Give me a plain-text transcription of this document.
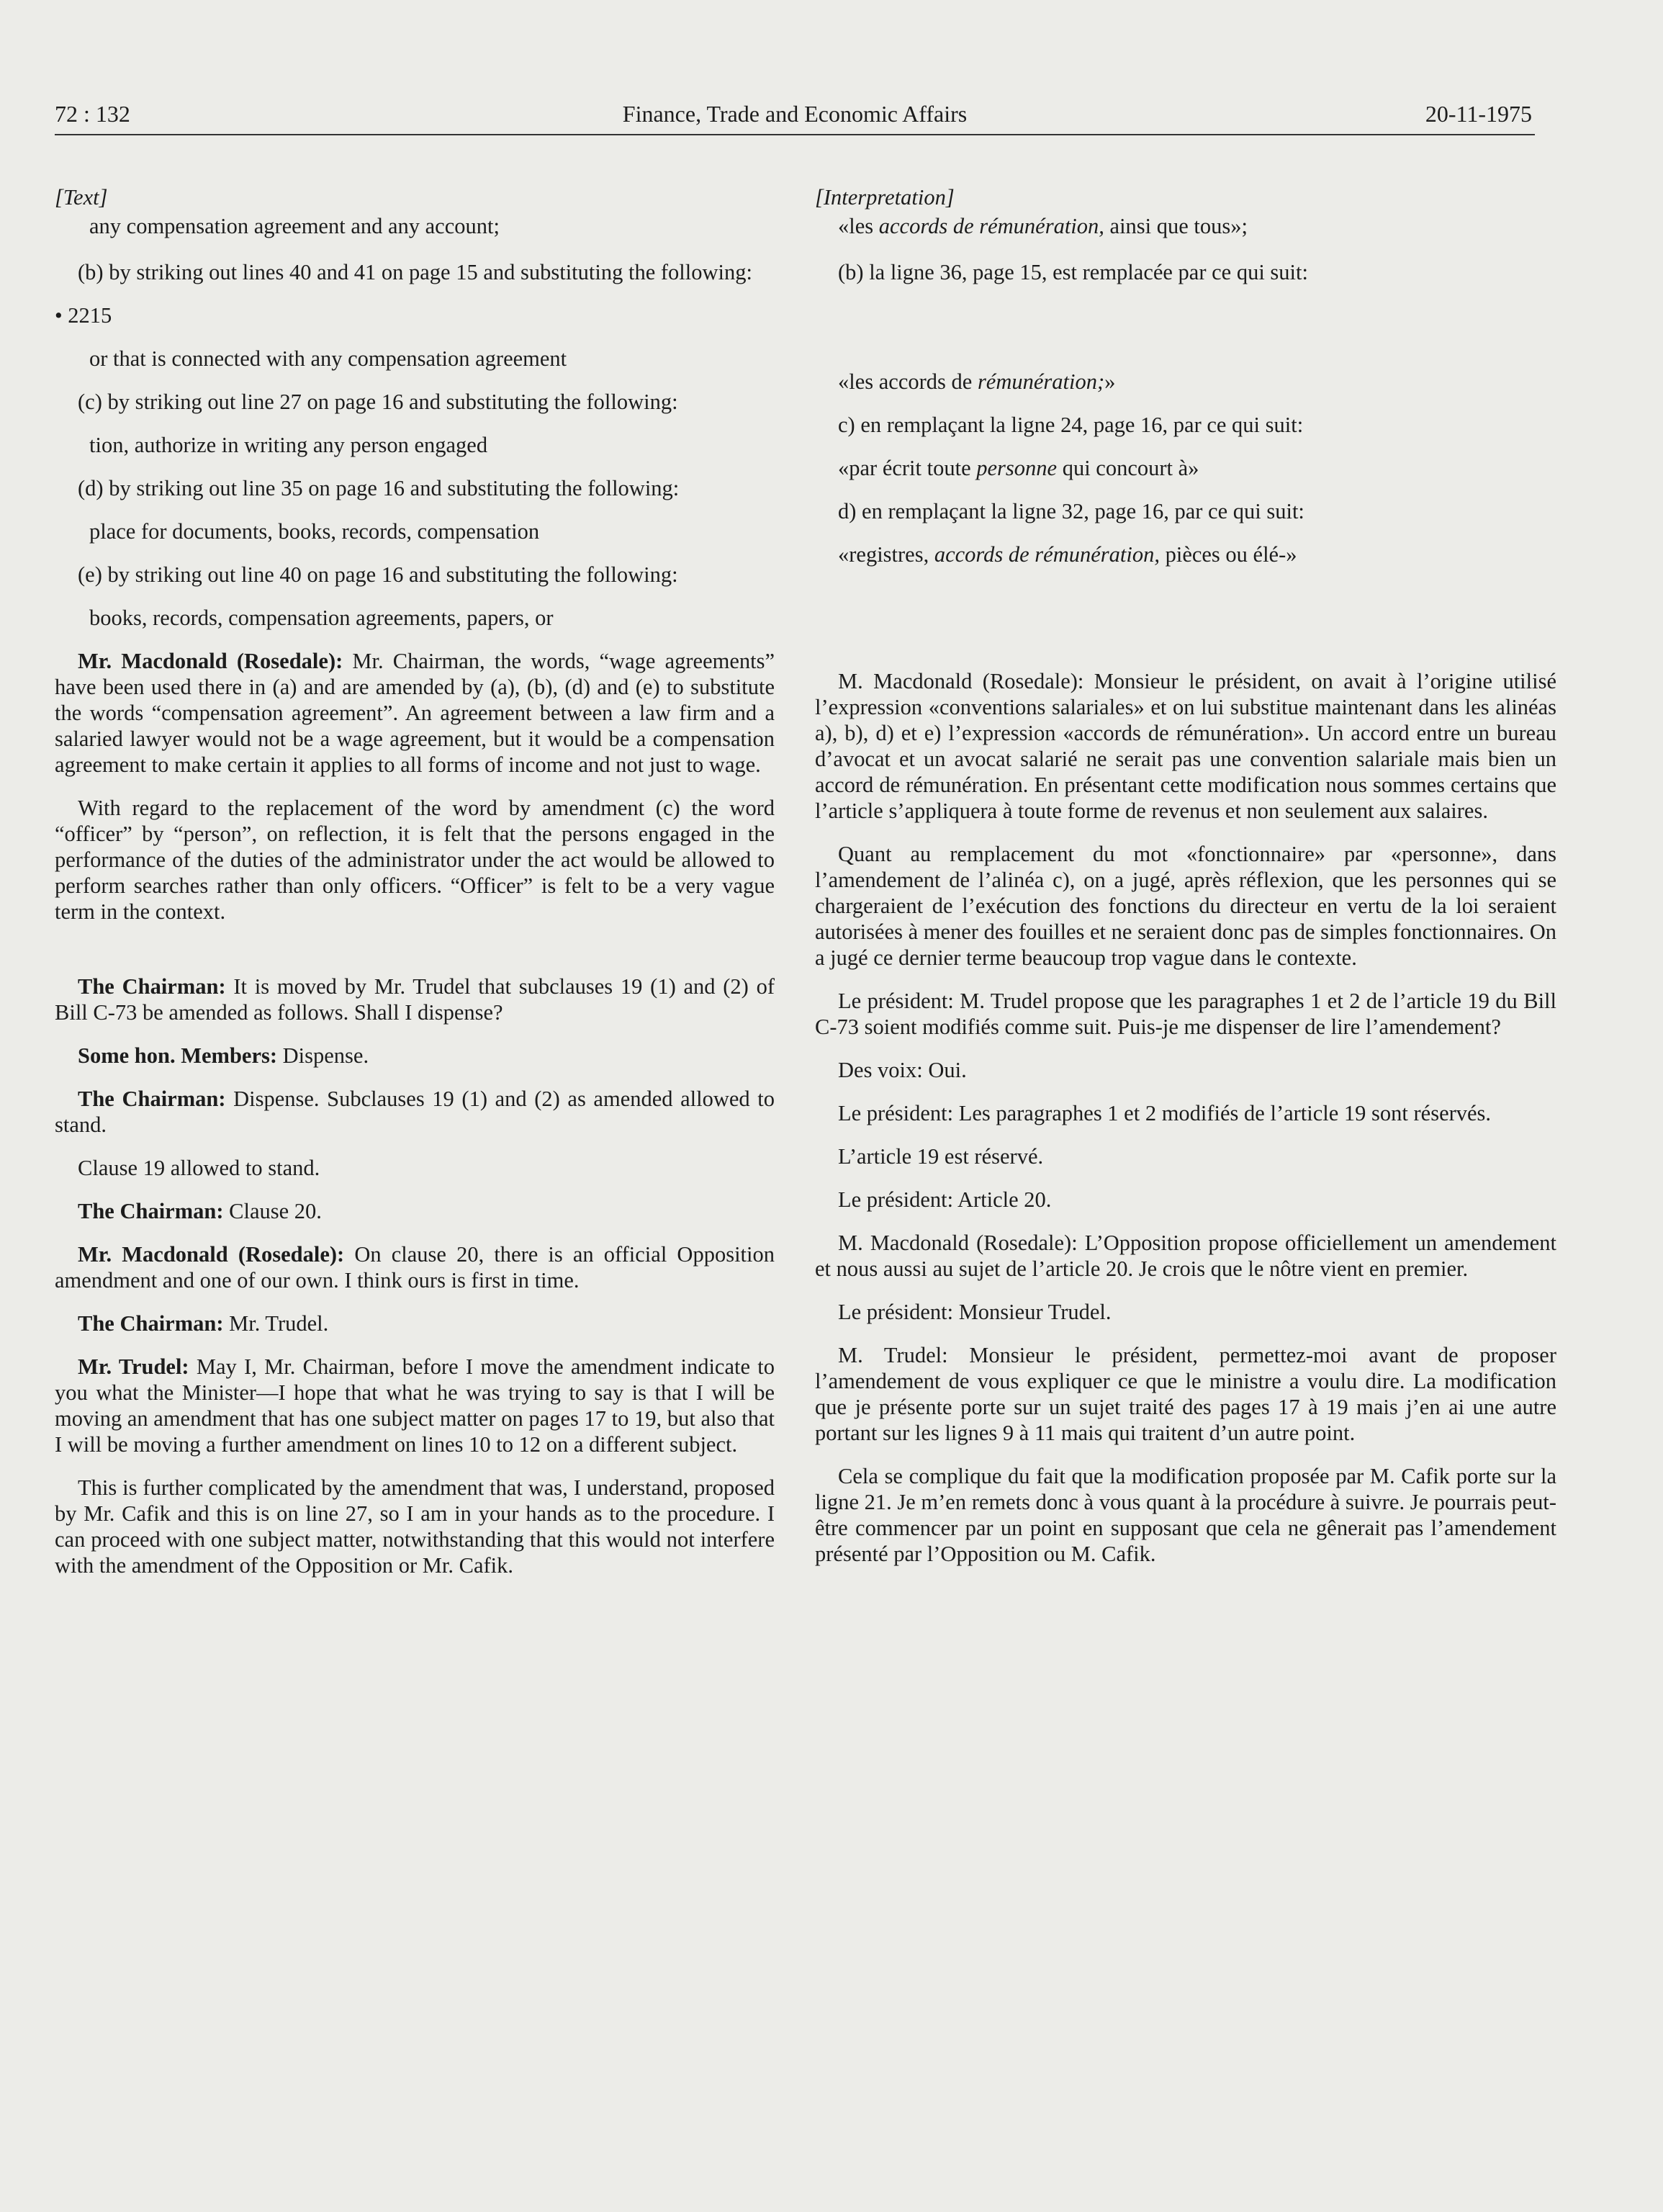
72 : 132	Finance, Trade and Economic Affairs	20-11-1975

[Text]

any compensation agreement and any account;

(b) by striking out lines 40 and 41 on page 15 and substituting the following:

• 2215

or that is connected with any compensation agreement

(c) by striking out line 27 on page 16 and substituting the following:

tion, authorize in writing any person engaged

(d) by striking out line 35 on page 16 and substituting the following:

place for documents, books, records, compensation

(e) by striking out line 40 on page 16 and substituting the following:

books, records, compensation agreements, papers, or

Mr. Macdonald (Rosedale): Mr. Chairman, the words, “wage agreements” have been used there in (a) and are amended by (a), (b), (d) and (e) to substitute the words “compensation agreement”. An agreement between a law firm and a salaried lawyer would not be a wage agreement, but it would be a compensation agreement to make certain it applies to all forms of income and not just to wage.

With regard to the replacement of the word by amendment (c) the word “officer” by “person”, on reflection, it is felt that the persons engaged in the performance of the duties of the administrator under the act would be allowed to perform searches rather than only officers. “Officer” is felt to be a very vague term in the context.

The Chairman: It is moved by Mr. Trudel that subclauses 19 (1) and (2) of Bill C-73 be amended as follows. Shall I dispense?

Some hon. Members: Dispense.

The Chairman: Dispense. Subclauses 19 (1) and (2) as amended allowed to stand.

Clause 19 allowed to stand.

The Chairman: Clause 20.

Mr. Macdonald (Rosedale): On clause 20, there is an official Opposition amendment and one of our own. I think ours is first in time.

The Chairman: Mr. Trudel.

Mr. Trudel: May I, Mr. Chairman, before I move the amendment indicate to you what the Minister—I hope that what he was trying to say is that I will be moving an amendment that has one subject matter on pages 17 to 19, but also that I will be moving a further amendment on lines 10 to 12 on a different subject.

This is further complicated by the amendment that was, I understand, proposed by Mr. Cafik and this is on line 27, so I am in your hands as to the procedure. I can proceed with one subject matter, notwithstanding that this would not interfere with the amendment of the Opposition or Mr. Cafik.

[Interpretation]

«les accords de rémunération, ainsi que tous»;

(b) la ligne 36, page 15, est remplacée par ce qui suit:

«les accords de rémunération;»

c) en remplaçant la ligne 24, page 16, par ce qui suit:

«par écrit toute personne qui concourt à»

d) en remplaçant la ligne 32, page 16, par ce qui suit:

«registres, accords de rémunération, pièces ou élé-»

M. Macdonald (Rosedale): Monsieur le président, on avait à l’origine utilisé l’expression «conventions salariales» et on lui substitue maintenant dans les alinéas a), b), d) et e) l’expression «accords de rémunération». Un accord entre un bureau d’avocat et un avocat salarié ne serait pas une convention salariale mais bien un accord de rémunération. En présentant cette modification nous sommes certains que l’article s’appliquera à toute forme de revenus et non seulement aux salaires.

Quant au remplacement du mot «fonctionnaire» par «personne», dans l’amendement de l’alinéa c), on a jugé, après réflexion, que les personnes qui se chargeraient de l’exécution des fonctions du directeur en vertu de la loi seraient autorisées à mener des fouilles et ne seraient donc pas de simples fonctionnaires. On a jugé ce dernier terme beaucoup trop vague dans le contexte.

Le président: M. Trudel propose que les paragraphes 1 et 2 de l’article 19 du Bill C-73 soient modifiés comme suit. Puis-je me dispenser de lire l’amendement?

Des voix: Oui.

Le président: Les paragraphes 1 et 2 modifiés de l’article 19 sont réservés.

L’article 19 est réservé.

Le président: Article 20.

M. Macdonald (Rosedale): L’Opposition propose officiellement un amendement et nous aussi au sujet de l’article 20. Je crois que le nôtre vient en premier.

Le président: Monsieur Trudel.

M. Trudel: Monsieur le président, permettez-moi avant de proposer l’amendement de vous expliquer ce que le ministre a voulu dire. La modification que je présente porte sur un sujet traité des pages 17 à 19 mais j’en ai une autre portant sur les lignes 9 à 11 mais qui traitent d’un autre point.

Cela se complique du fait que la modification proposée par M. Cafik porte sur la ligne 21. Je m’en remets donc à vous quant à la procédure à suivre. Je pourrais peut-être commencer par un point en supposant que cela ne gênerait pas l’amendement présenté par l’Opposition ou M. Cafik.
